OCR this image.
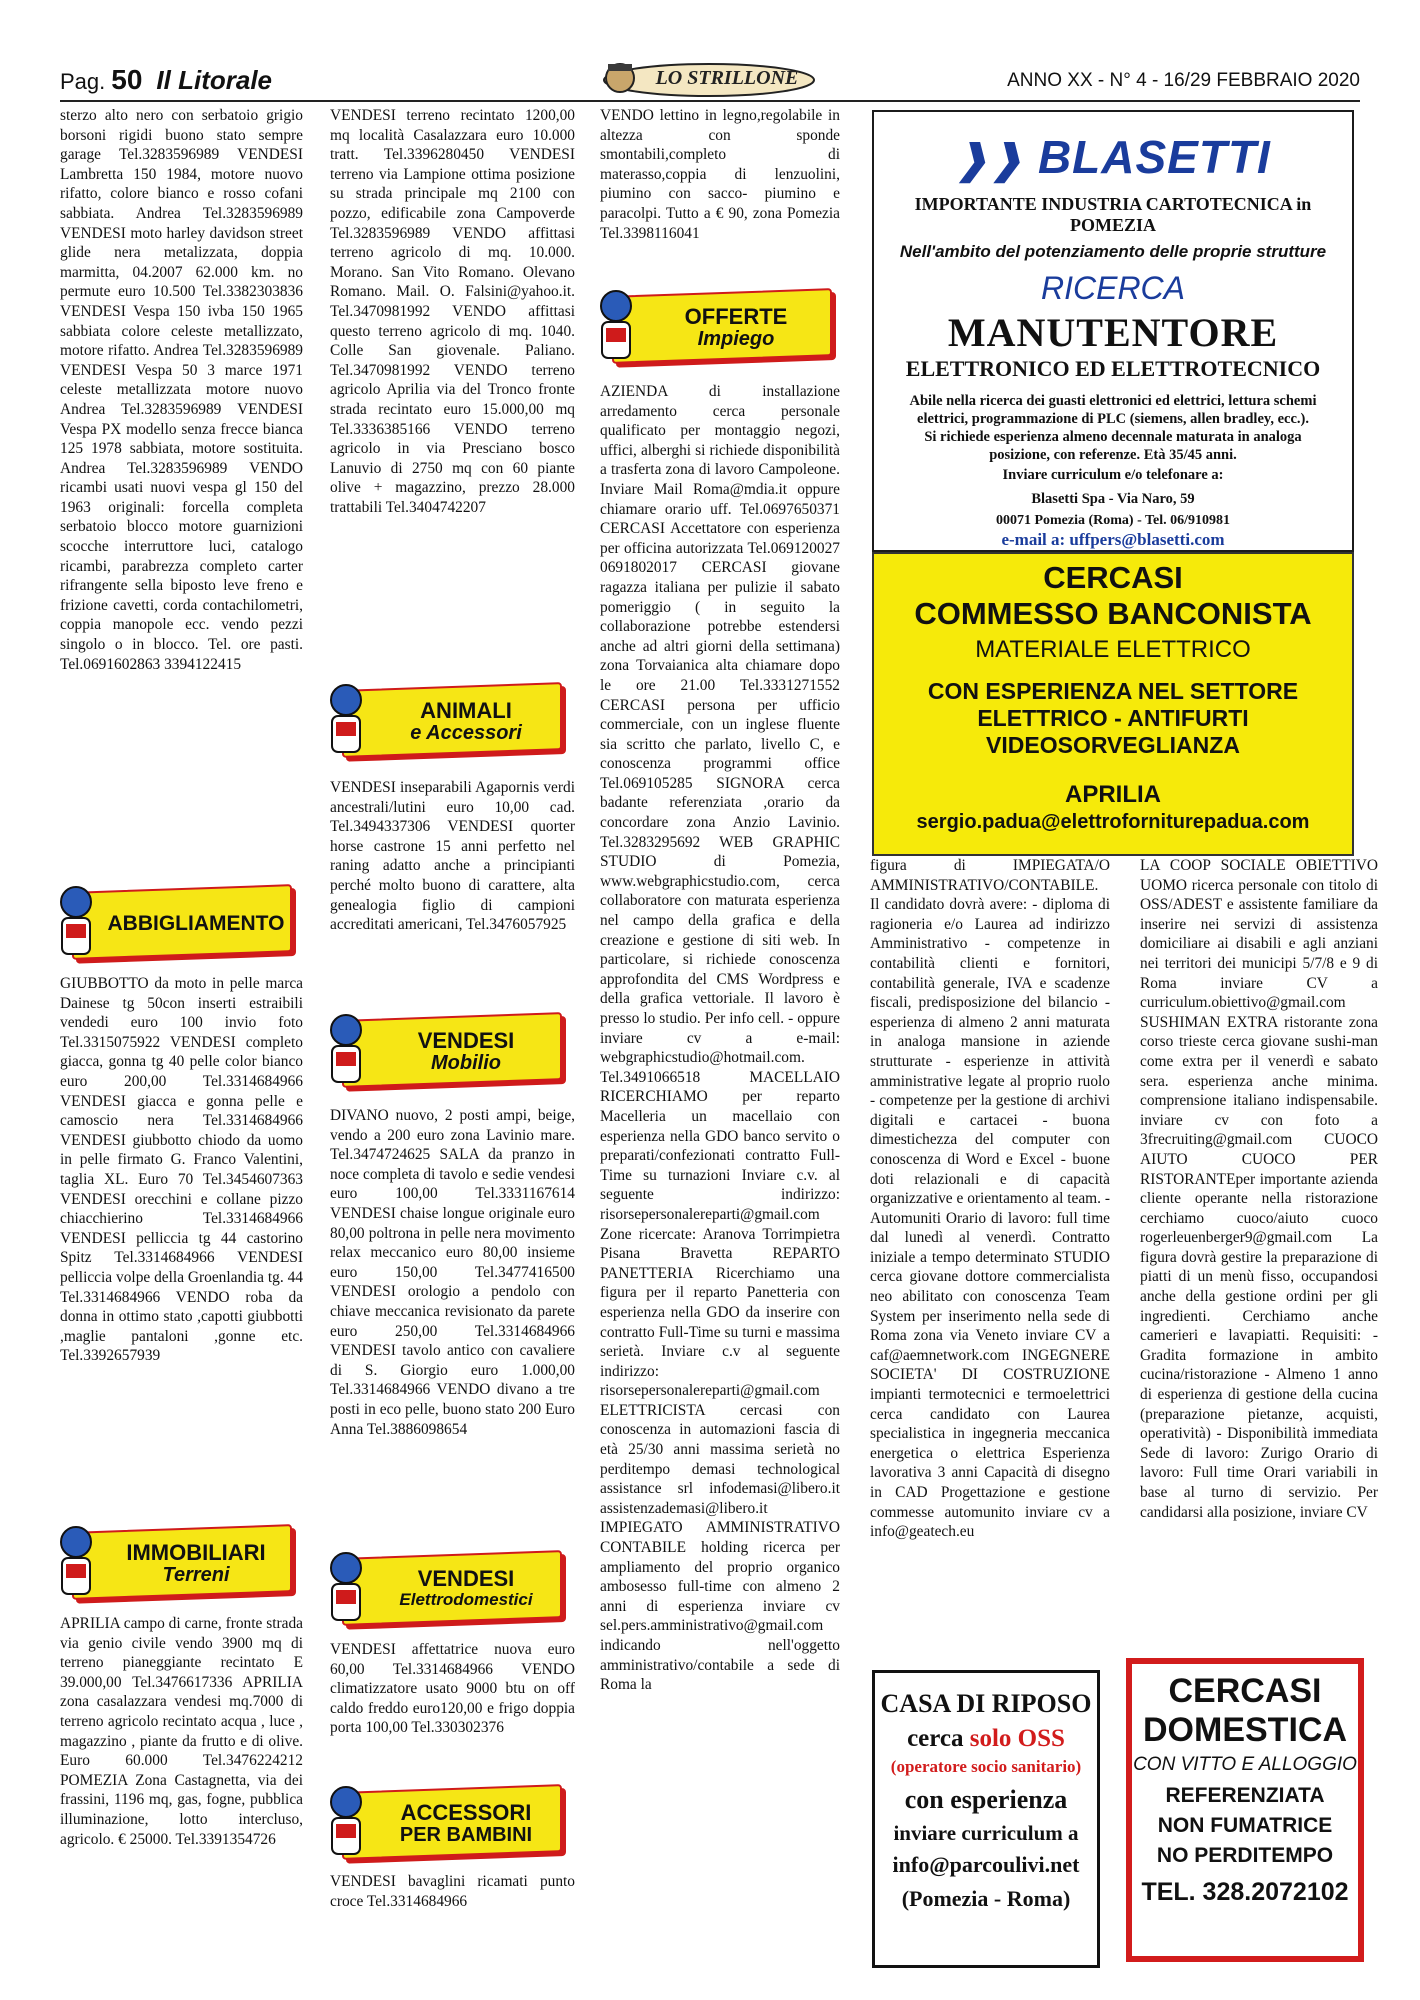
Pag. 50 Il Litorale	LO STRILLONE	ANNO XX - N° 4 - 16/29 FEBBRAIO 2020

sterzo alto nero con serbatoio grigio borsoni rigidi buono stato sempre garage Tel.3283596989 VENDESI Lambretta 150 1984, motore nuovo rifatto, colore bianco e rosso cofani sabbiata. Andrea Tel.3283596989 VENDESI moto harley davidson street glide nera metalizzata, doppia marmitta, 04.2007 62.000 km. no permute euro 10.500 Tel.3382303836 VENDESI Vespa 150 ivba 150 1965 sabbiata colore celeste metallizzato, motore rifatto. Andrea Tel.3283596989 VENDESI Vespa 50 3 marce 1971 celeste metallizzata motore nuovo Andrea Tel.3283596989 VENDESI Vespa PX modello senza frecce bianca 125 1978 sabbiata, motore sostituita. Andrea Tel.3283596989 VENDO ricambi usati nuovi vespa gl 150 del 1963 originali: forcella completa serbatoio blocco motore guarnizioni scocche interruttore luci, catalogo ricambi, parabrezza completo carter rifrangente sella biposto leve freno e frizione cavetti, corda contachilometri, coppia manopole ecc. vendo pezzi singolo o in blocco. Tel. ore pasti. Tel.0691602863 3394122415

ABBIGLIAMENTO

GIUBBOTTO da moto in pelle marca Dainese tg 50con inserti estraibili vendedi euro 100 invio foto Tel.3315075922 VENDESI completo giacca, gonna tg 40 pelle color bianco euro 200,00 Tel.3314684966 VENDESI giacca e gonna pelle e camoscio nera Tel.3314684966 VENDESI giubbotto chiodo da uomo in pelle firmato G. Franco Valentini, taglia XL. Euro 70 Tel.3454607363 VENDESI orecchini e collane pizzo chiacchierino Tel.3314684966 VENDESI pelliccia tg 44 castorino Spitz Tel.3314684966 VENDESI pelliccia volpe della Groenlandia tg. 44 Tel.3314684966 VENDO roba da donna in ottimo stato ,capotti giubbotti ,maglie pantaloni ,gonne etc. Tel.3392657939

IMMOBILIARI
Terreni

APRILIA campo di carne, fronte strada via genio civile vendo 3900 mq di terreno pianeggiante recintato E 39.000,00 Tel.3476617336 APRILIA zona casalazzara vendesi mq.7000 di terreno agricolo recintato acqua , luce , magazzino , piante da frutto e di olive. Euro 60.000 Tel.3476224212 POMEZIA Zona Castagnetta, via dei frassini, 1196 mq, gas, fogne, pubblica illuminazione, lotto intercluso, agricolo. € 25000. Tel.3391354726

VENDESI terreno recintato 1200,00 mq località Casalazzara euro 10.000 tratt. Tel.3396280450 VENDESI terreno via Lampione ottima posizione su strada principale mq 2100 con pozzo, edificabile zona Campoverde Tel.3283596989 VENDO affittasi terreno agricolo di mq. 10.000. Morano. San Vito Romano. Olevano Romano. Mail. O. Falsini@yahoo.it. Tel.3470981992 VENDO affittasi questo terreno agricolo di mq. 1040. Colle San giovenale. Paliano. Tel.3470981992 VENDO terreno agricolo Aprilia via del Tronco fronte strada recintato euro 15.000,00 mq Tel.3336385166 VENDO terreno agricolo in via Presciano bosco Lanuvio di 2750 mq con 60 piante olive + magazzino, prezzo 28.000 trattabili Tel.3404742207

ANIMALI
e Accessori

VENDESI inseparabili Agapornis verdi ancestrali/lutini euro 10,00 cad. Tel.3494337306 VENDESI quorter horse castrone 15 anni perfetto nel raning adatto anche a principianti perché molto buono di carattere, alta genealogia figlio di campioni accreditati americani, Tel.3476057925

VENDESI
Mobilio

DIVANO nuovo, 2 posti ampi, beige, vendo a 200 euro zona Lavinio mare. Tel.3474724625 SALA da pranzo in noce completa di tavolo e sedie vendesi euro 100,00 Tel.3331167614 VENDESI chaise longue originale euro 80,00 poltrona in pelle nera movimento relax meccanico euro 80,00 insieme euro 150,00 Tel.3477416500 VENDESI orologio a pendolo con chiave meccanica revisionato da parete euro 250,00 Tel.3314684966 VENDESI tavolo antico con cavaliere di S. Giorgio euro 1.000,00 Tel.3314684966 VENDO divano a tre posti in eco pelle, buono stato 200 Euro Anna Tel.3886098654

VENDESI
Elettrodomestici

VENDESI affettatrice nuova euro 60,00 Tel.3314684966 VENDO climatizzatore usato 9000 btu on off caldo freddo euro120,00 e frigo doppia porta 100,00 Tel.330302376

ACCESSORI
PER BAMBINI

VENDESI bavaglini ricamati punto croce Tel.3314684966

VENDO lettino in legno,regolabile in altezza con sponde smontabili,completo di materasso,coppia di lenzuolini, piumino con sacco- piumino e paracolpi. Tutto a € 90, zona Pomezia Tel.3398116041

OFFERTE
Impiego

AZIENDA di installazione arredamento cerca personale qualificato per montaggio negozi, uffici, alberghi si richiede disponibilità a trasferta zona di lavoro Campoleone. Inviare Mail Roma@mdia.it oppure chiamare orario uff. Tel.0697650371 CERCASI Accettatore con esperienza per officina autorizzata Tel.069120027 0691802017 CERCASI giovane ragazza italiana per pulizie il sabato pomeriggio ( in seguito la collaborazione potrebbe estendersi anche ad altri giorni della settimana) zona Torvaianica alta chiamare dopo le ore 21.00 Tel.3331271552 CERCASI persona per ufficio commerciale, con un inglese fluente sia scritto che parlato, livello C, e conoscenza programmi office Tel.069105285 SIGNORA cerca badante referenziata ,orario da concordare zona Anzio Lavinio. Tel.3283295692 WEB GRAPHIC STUDIO di Pomezia, www.webgraphicstudio.com, cerca collaboratore con maturata esperienza nel campo della grafica e della creazione e gestione di siti web. In particolare, si richiede conoscenza approfondita del CMS Wordpress e della grafica vettoriale. Il lavoro è presso lo studio. Per info cell. - oppure inviare cv a e-mail: webgraphicstudio@hotmail.com. Tel.3491066518 MACELLAIO RICERCHIAMO per reparto Macelleria un macellaio con esperienza nella GDO banco servito o preparati/confezionati contratto Full-Time su turnazioni Inviare c.v. al seguente indirizzo: risorsepersonalereparti@gmail.com Zone ricercate: Aranova Torrimpietra Pisana Bravetta REPARTO PANETTERIA Ricerchiamo una figura per il reparto Panetteria con esperienza nella GDO da inserire con contratto Full-Time su turni e massima serietà. Inviare c.v al seguente indirizzo: risorsepersonalereparti@gmail.com ELETTRICISTA cercasi con conoscenza in automazioni fascia di età 25/30 anni massima serietà no perditempo demasi technological assistance srl infodemasi@libero.it assistenzademasi@libero.it IMPIEGATO AMMINISTRATIVO CONTABILE holding ricerca per ampliamento del proprio organico ambosesso full-time con almeno 2 anni di esperienza inviare cv sel.pers.amministrativo@gmail.com indicando nell'oggetto amministrativo/contabile a sede di Roma la

❱❱ BLASETTI
IMPORTANTE INDUSTRIA CARTOTECNICA in POMEZIA
Nell'ambito del potenziamento delle proprie strutture
RICERCA
MANUTENTORE
ELETTRONICO ED ELETTROTECNICO
Abile nella ricerca dei guasti elettronici ed elettrici, lettura schemi elettrici, programmazione di PLC (siemens, allen bradley, ecc.).
Si richiede esperienza almeno decennale maturata in analoga posizione, con referenze. Età 35/45 anni.
Inviare curriculum e/o telefonare a:
Blasetti Spa - Via Naro, 59
00071 Pomezia (Roma) - Tel. 06/910981
e-mail a: uffpers@blasetti.com
CERCASI
COMMESSO BANCONISTA
MATERIALE ELETTRICO
CON ESPERIENZA NEL SETTORE
ELETTRICO - ANTIFURTI
VIDEOSORVEGLIANZA
APRILIA
sergio.padua@elettroforniturepadua.com

figura di IMPIEGATA/O AMMINISTRATIVO/CONTABILE. Il candidato dovrà avere: - diploma di ragioneria e/o Laurea ad indirizzo Amministrativo - competenze in contabilità clienti e fornitori, contabilità generale, IVA e scadenze fiscali, predisposizione del bilancio - esperienza di almeno 2 anni maturata in analoga mansione in aziende strutturate - esperienze in attività amministrative legate al proprio ruolo - competenze per la gestione di archivi digitali e cartacei - buona dimestichezza del computer con conoscenza di Word e Excel - buone doti relazionali e di capacità organizzative e orientamento al team. - Automuniti Orario di lavoro: full time dal lunedì al venerdì. Contratto iniziale a tempo determinato STUDIO cerca giovane dottore commercialista neo abilitato con conoscenza Team System per inserimento nella sede di Roma zona via Veneto inviare CV a caf@aemnetwork.com INGEGNERE SOCIETA' DI COSTRUZIONE impianti termotecnici e termoelettrici cerca candidato con Laurea specialistica in ingegneria meccanica energetica o elettrica Esperienza lavorativa 3 anni Capacità di disegno in CAD Progettazione e gestione commesse automunito inviare cv a info@geatech.eu

LA COOP SOCIALE OBIETTIVO UOMO ricerca personale con titolo di OSS/ADEST e assistente familiare da inserire nei servizi di assistenza domiciliare ai disabili e agli anziani nei territori dei municipi 5/7/8 e 9 di Roma inviare CV a curriculum.obiettivo@gmail.com SUSHIMAN EXTRA ristorante zona corso trieste cerca giovane sushi-man come extra per il venerdì e sabato sera. esperienza anche minima. comprensione italiano indispensabile. inviare cv con foto a 3frecruiting@gmail.com CUOCO AIUTO CUOCO PER RISTORANTEper importante azienda cliente operante nella ristorazione cerchiamo cuoco/aiuto cuoco rogerleuenberger9@gmail.com La figura dovrà gestire la preparazione di piatti di un menù fisso, occupandosi anche della gestione ordini per gli ingredienti. Cerchiamo anche camerieri e lavapiatti. Requisiti: - Gradita formazione in ambito cucina/ristorazione - Almeno 1 anno di esperienza di gestione della cucina (preparazione pietanze, acquisti, operatività) - Disponibilità immediata Sede di lavoro: Zurigo Orario di lavoro: Full time Orari variabili in base al turno di servizio. Per candidarsi alla posizione, inviare CV

CASA DI RIPOSO
cerca solo OSS
(operatore socio sanitario)
con esperienza
inviare curriculum a
info@parcoulivi.net
(Pomezia - Roma)
CERCASI
DOMESTICA
CON VITTO E ALLOGGIO
REFERENZIATA
NON FUMATRICE
NO PERDITEMPO
TEL. 328.2072102
